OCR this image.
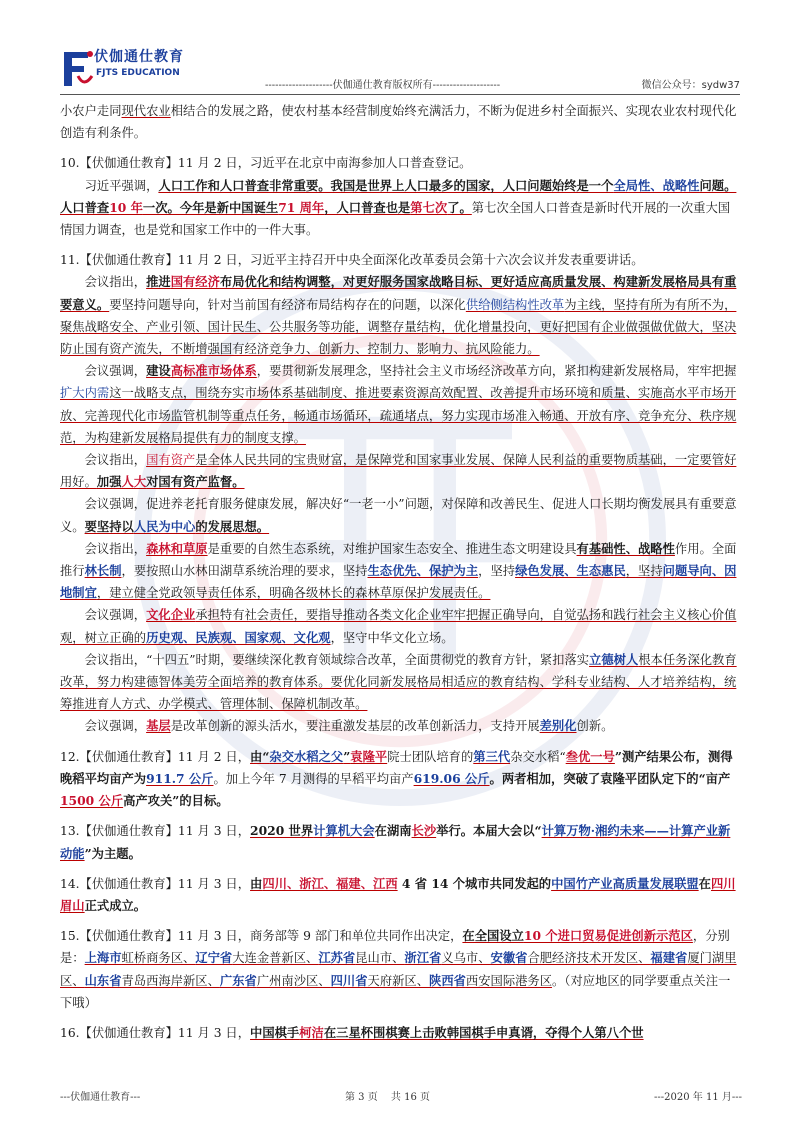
伏伽通仕教育
FJTS EDUCATION
--------------------伏伽通仕教育版权所有--------------------	微信公众号：sydw37

小农户走同现代农业相结合的发展之路，使农村基本经营制度始终充满活力，不断为促进乡村全面振兴、实现农业农村现代化创造有利条件。

10.【伏伽通仕教育】11 月 2 日，习近平在北京中南海参加人口普查登记。

习近平强调，人口工作和人口普查非常重要。我国是世界上人口最多的国家，人口问题始终是一个全局性、战略性问题。人口普查10 年一次。今年是新中国诞生71 周年，人口普查也是第七次了。第七次全国人口普查是新时代开展的一次重大国情国力调查，也是党和国家工作中的一件大事。

11.【伏伽通仕教育】11 月 2 日，习近平主持召开中央全面深化改革委员会第十六次会议并发表重要讲话。

会议指出，推进国有经济布局优化和结构调整，对更好服务国家战略目标、更好适应高质量发展、构建新发展格局具有重要意义。要坚持问题导向，针对当前国有经济布局结构存在的问题，以深化供给侧结构性改革为主线，坚持有所为有所不为，聚焦战略安全、产业引领、国计民生、公共服务等功能，调整存量结构，优化增量投向，更好把国有企业做强做优做大，坚决防止国有资产流失，不断增强国有经济竞争力、创新力、控制力、影响力、抗风险能力。

会议强调，建设高标准市场体系，要贯彻新发展理念，坚持社会主义市场经济改革方向，紧扣构建新发展格局，牢牢把握扩大内需这一战略支点，围绕夯实市场体系基础制度、推进要素资源高效配置、改善提升市场环境和质量、实施高水平市场开放、完善现代化市场监管机制等重点任务，畅通市场循环，疏通堵点，努力实现市场准入畅通、开放有序、竞争充分、秩序规范，为构建新发展格局提供有力的制度支撑。

会议指出，国有资产是全体人民共同的宝贵财富，是保障党和国家事业发展、保障人民利益的重要物质基础，一定要管好用好。加强人大对国有资产监督。

会议强调，促进养老托育服务健康发展，解决好“一老一小”问题，对保障和改善民生、促进人口长期均衡发展具有重要意义。要坚持以人民为中心的发展思想。

会议指出，森林和草原是重要的自然生态系统，对维护国家生态安全、推进生态文明建设具有基础性、战略性作用。全面推行林长制，要按照山水林田湖草系统治理的要求，坚持生态优先、保护为主，坚持绿色发展、生态惠民，坚持问题导向、因地制宜，建立健全党政领导责任体系，明确各级林长的森林草原保护发展责任。

会议强调，文化企业承担特有社会责任，要指导推动各类文化企业牢牢把握正确导向，自觉弘扬和践行社会主义核心价值观，树立正确的历史观、民族观、国家观、文化观，坚守中华文化立场。

会议指出，“十四五”时期，要继续深化教育领域综合改革，全面贯彻党的教育方针，紧扣落实立德树人根本任务深化教育改革，努力构建德智体美劳全面培养的教育体系。要优化同新发展格局相适应的教育结构、学科专业结构、人才培养结构，统筹推进育人方式、办学模式、管理体制、保障机制改革。

会议强调，基层是改革创新的源头活水，要注重激发基层的改革创新活力，支持开展差别化创新。

12.【伏伽通仕教育】11 月 2 日，由“杂交水稻之父”袁隆平院士团队培育的第三代杂交水稻“叁优一号”测产结果公布，测得晚稻平均亩产为911.7 公斤。加上今年 7 月测得的早稻平均亩产619.06 公斤。两者相加，突破了袁隆平团队定下的“亩产1500 公斤高产攻关”的目标。

13.【伏伽通仕教育】11 月 3 日，2020 世界计算机大会在湖南长沙举行。本届大会以“计算万物·湘约未来——计算产业新动能”为主题。

14.【伏伽通仕教育】11 月 3 日，由四川、浙江、福建、江西 4 省 14 个城市共同发起的中国竹产业高质量发展联盟在四川眉山正式成立。

15.【伏伽通仕教育】11 月 3 日，商务部等 9 部门和单位共同作出决定，在全国设立10 个进口贸易促进创新示范区，分别是：上海市虹桥商务区、辽宁省大连金普新区、江苏省昆山市、浙江省义乌市、安徽省合肥经济技术开发区、福建省厦门湖里区、山东省青岛西海岸新区、广东省广州南沙区、四川省天府新区、陕西省西安国际港务区。（对应地区的同学要重点关注一下哦）

16.【伏伽通仕教育】11 月 3 日，中国棋手柯洁在三星杯围棋赛上击败韩国棋手申真谞，夺得个人第八个世

---伏伽通仕教育---	第 3 页　 共 16 页	---2020 年 11 月---
